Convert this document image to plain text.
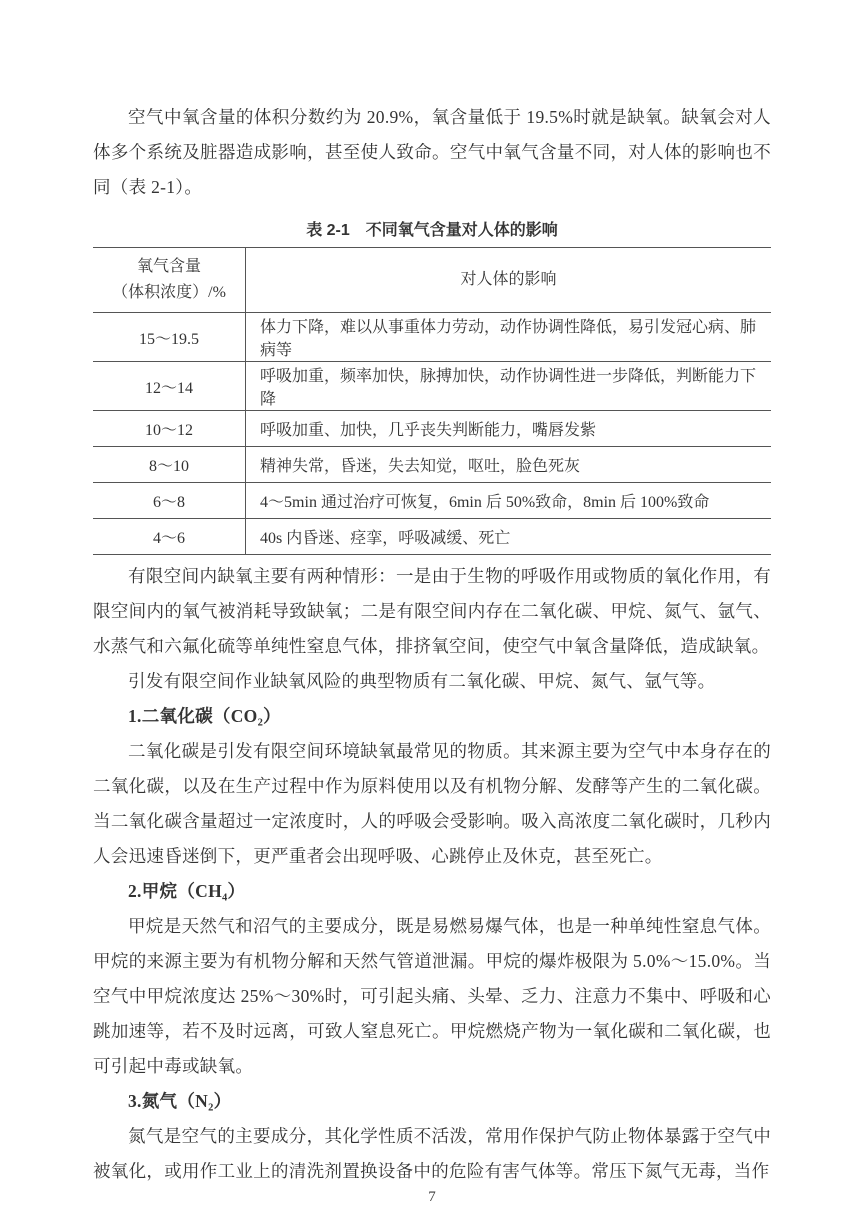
空气中氧含量的体积分数约为 20.9%，氧含量低于 19.5%时就是缺氧。缺氧会对人体多个系统及脏器造成影响，甚至使人致命。空气中氧气含量不同，对人体的影响也不同（表 2-1）。

表 2-1　不同氧气含量对人体的影响
氧气含量
（体积浓度）/%	对人体的影响
15～19.5	体力下降，难以从事重体力劳动，动作协调性降低，易引发冠心病、肺病等
12～14	呼吸加重，频率加快，脉搏加快，动作协调性进一步降低，判断能力下降
10～12	呼吸加重、加快，几乎丧失判断能力，嘴唇发紫
8～10	精神失常，昏迷，失去知觉，呕吐，脸色死灰
6～8	4～5min 通过治疗可恢复，6min 后 50%致命，8min 后 100%致命
4～6	40s 内昏迷、痉挛，呼吸减缓、死亡

有限空间内缺氧主要有两种情形：一是由于生物的呼吸作用或物质的氧化作用，有限空间内的氧气被消耗导致缺氧；二是有限空间内存在二氧化碳、甲烷、氮气、氩气、水蒸气和六氟化硫等单纯性窒息气体，排挤氧空间，使空气中氧含量降低，造成缺氧。

引发有限空间作业缺氧风险的典型物质有二氧化碳、甲烷、氮气、氩气等。

1.二氧化碳（CO₂）

二氧化碳是引发有限空间环境缺氧最常见的物质。其来源主要为空气中本身存在的二氧化碳，以及在生产过程中作为原料使用以及有机物分解、发酵等产生的二氧化碳。当二氧化碳含量超过一定浓度时，人的呼吸会受影响。吸入高浓度二氧化碳时，几秒内人会迅速昏迷倒下，更严重者会出现呼吸、心跳停止及休克，甚至死亡。

2.甲烷（CH₄）

甲烷是天然气和沼气的主要成分，既是易燃易爆气体，也是一种单纯性窒息气体。甲烷的来源主要为有机物分解和天然气管道泄漏。甲烷的爆炸极限为 5.0%～15.0%。当空气中甲烷浓度达 25%～30%时，可引起头痛、头晕、乏力、注意力不集中、呼吸和心跳加速等，若不及时远离，可致人窒息死亡。甲烷燃烧产物为一氧化碳和二氧化碳，也可引起中毒或缺氧。

3.氮气（N₂）

氮气是空气的主要成分，其化学性质不活泼，常用作保护气防止物体暴露于空气中被氧化，或用作工业上的清洗剂置换设备中的危险有害气体等。常压下氮气无毒，当作

7
